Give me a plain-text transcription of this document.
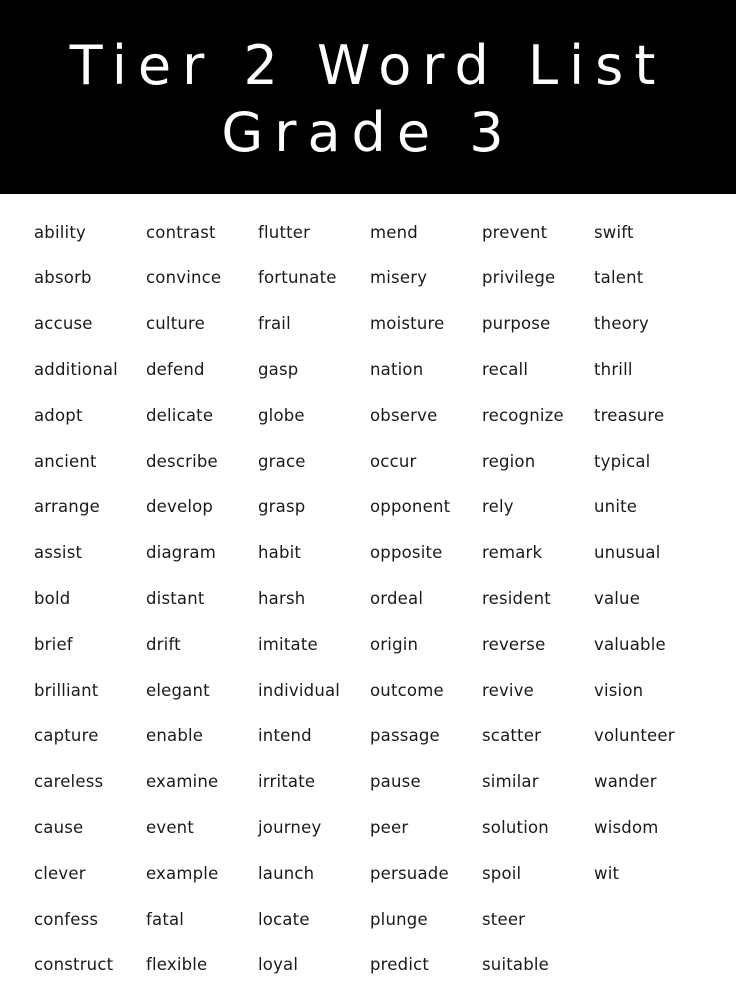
Tier 2 Word List
Grade 3
ability
absorb
accuse
additional
adopt
ancient
arrange
assist
bold
brief
brilliant
capture
careless
cause
clever
confess
construct
contrast
convince
culture
defend
delicate
describe
develop
diagram
distant
drift
elegant
enable
examine
event
example
fatal
flexible
flutter
fortunate
frail
gasp
globe
grace
grasp
habit
harsh
imitate
individual
intend
irritate
journey
launch
locate
loyal
mend
misery
moisture
nation
observe
occur
opponent
opposite
ordeal
origin
outcome
passage
pause
peer
persuade
plunge
predict
prevent
privilege
purpose
recall
recognize
region
rely
remark
resident
reverse
revive
scatter
similar
solution
spoil
steer
suitable
swift
talent
theory
thrill
treasure
typical
unite
unusual
value
valuable
vision
volunteer
wander
wisdom
wit
